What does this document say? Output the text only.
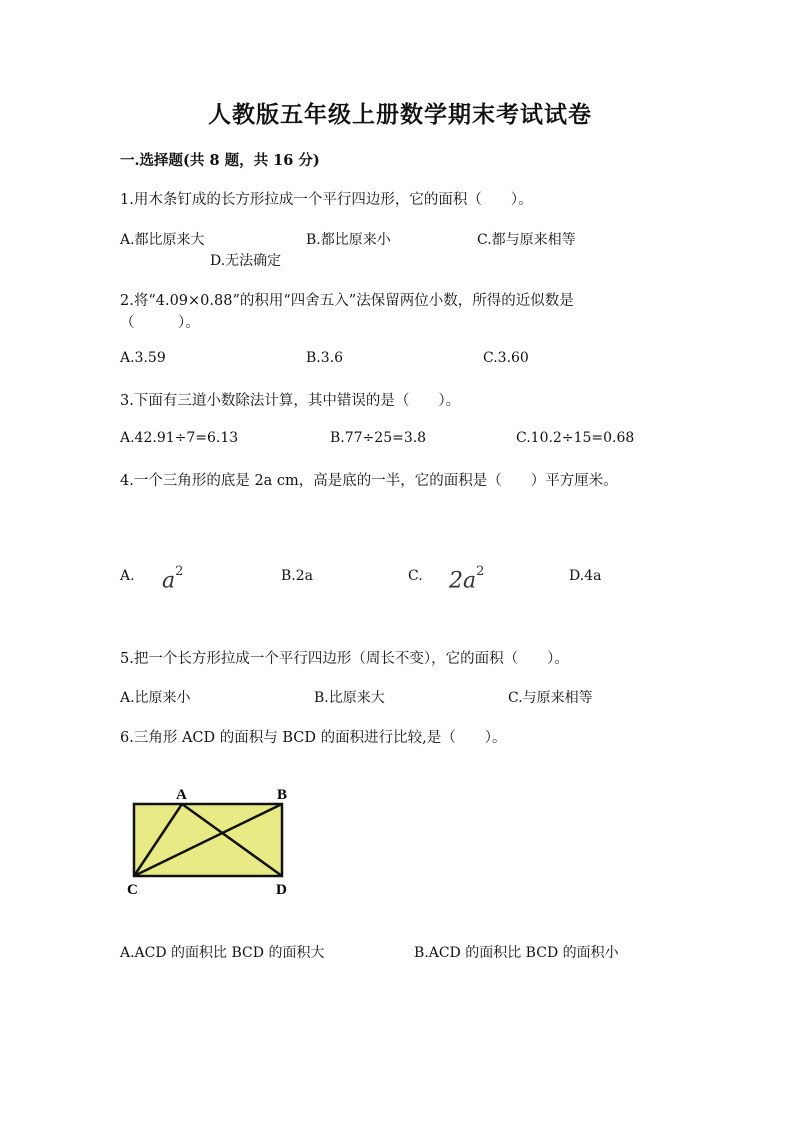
人教版五年级上册数学期末考试试卷
一.选择题(共 8 题，共 16 分)
1.用木条钉成的长方形拉成一个平行四边形，它的面积（　　）。
A.都比原来大	B.都比原来小	C.都与原来相等
D.无法确定
2.将“4.09×0.88”的积用“四舍五入”法保留两位小数，所得的近似数是
（　　　）。
A.3.59	B.3.6	C.3.60
3.下面有三道小数除法计算，其中错误的是（　　）。
A.42.91÷7=6.13	B.77÷25=3.8	C.10.2÷15=0.68
4.一个三角形的底是 2a cm，高是底的一半，它的面积是（　　）平方厘米。
A. $a^2$	B.2a	C. $2a^2$	D.4a
5.把一个长方形拉成一个平行四边形（周长不变），它的面积（　　）。
A.比原来小	B.比原来大	C.与原来相等
6.三角形 ACD 的面积与 BCD 的面积进行比较,是（　　）。
A	B
C	D
A.ACD 的面积比 BCD 的面积大	B.ACD 的面积比 BCD 的面积小
